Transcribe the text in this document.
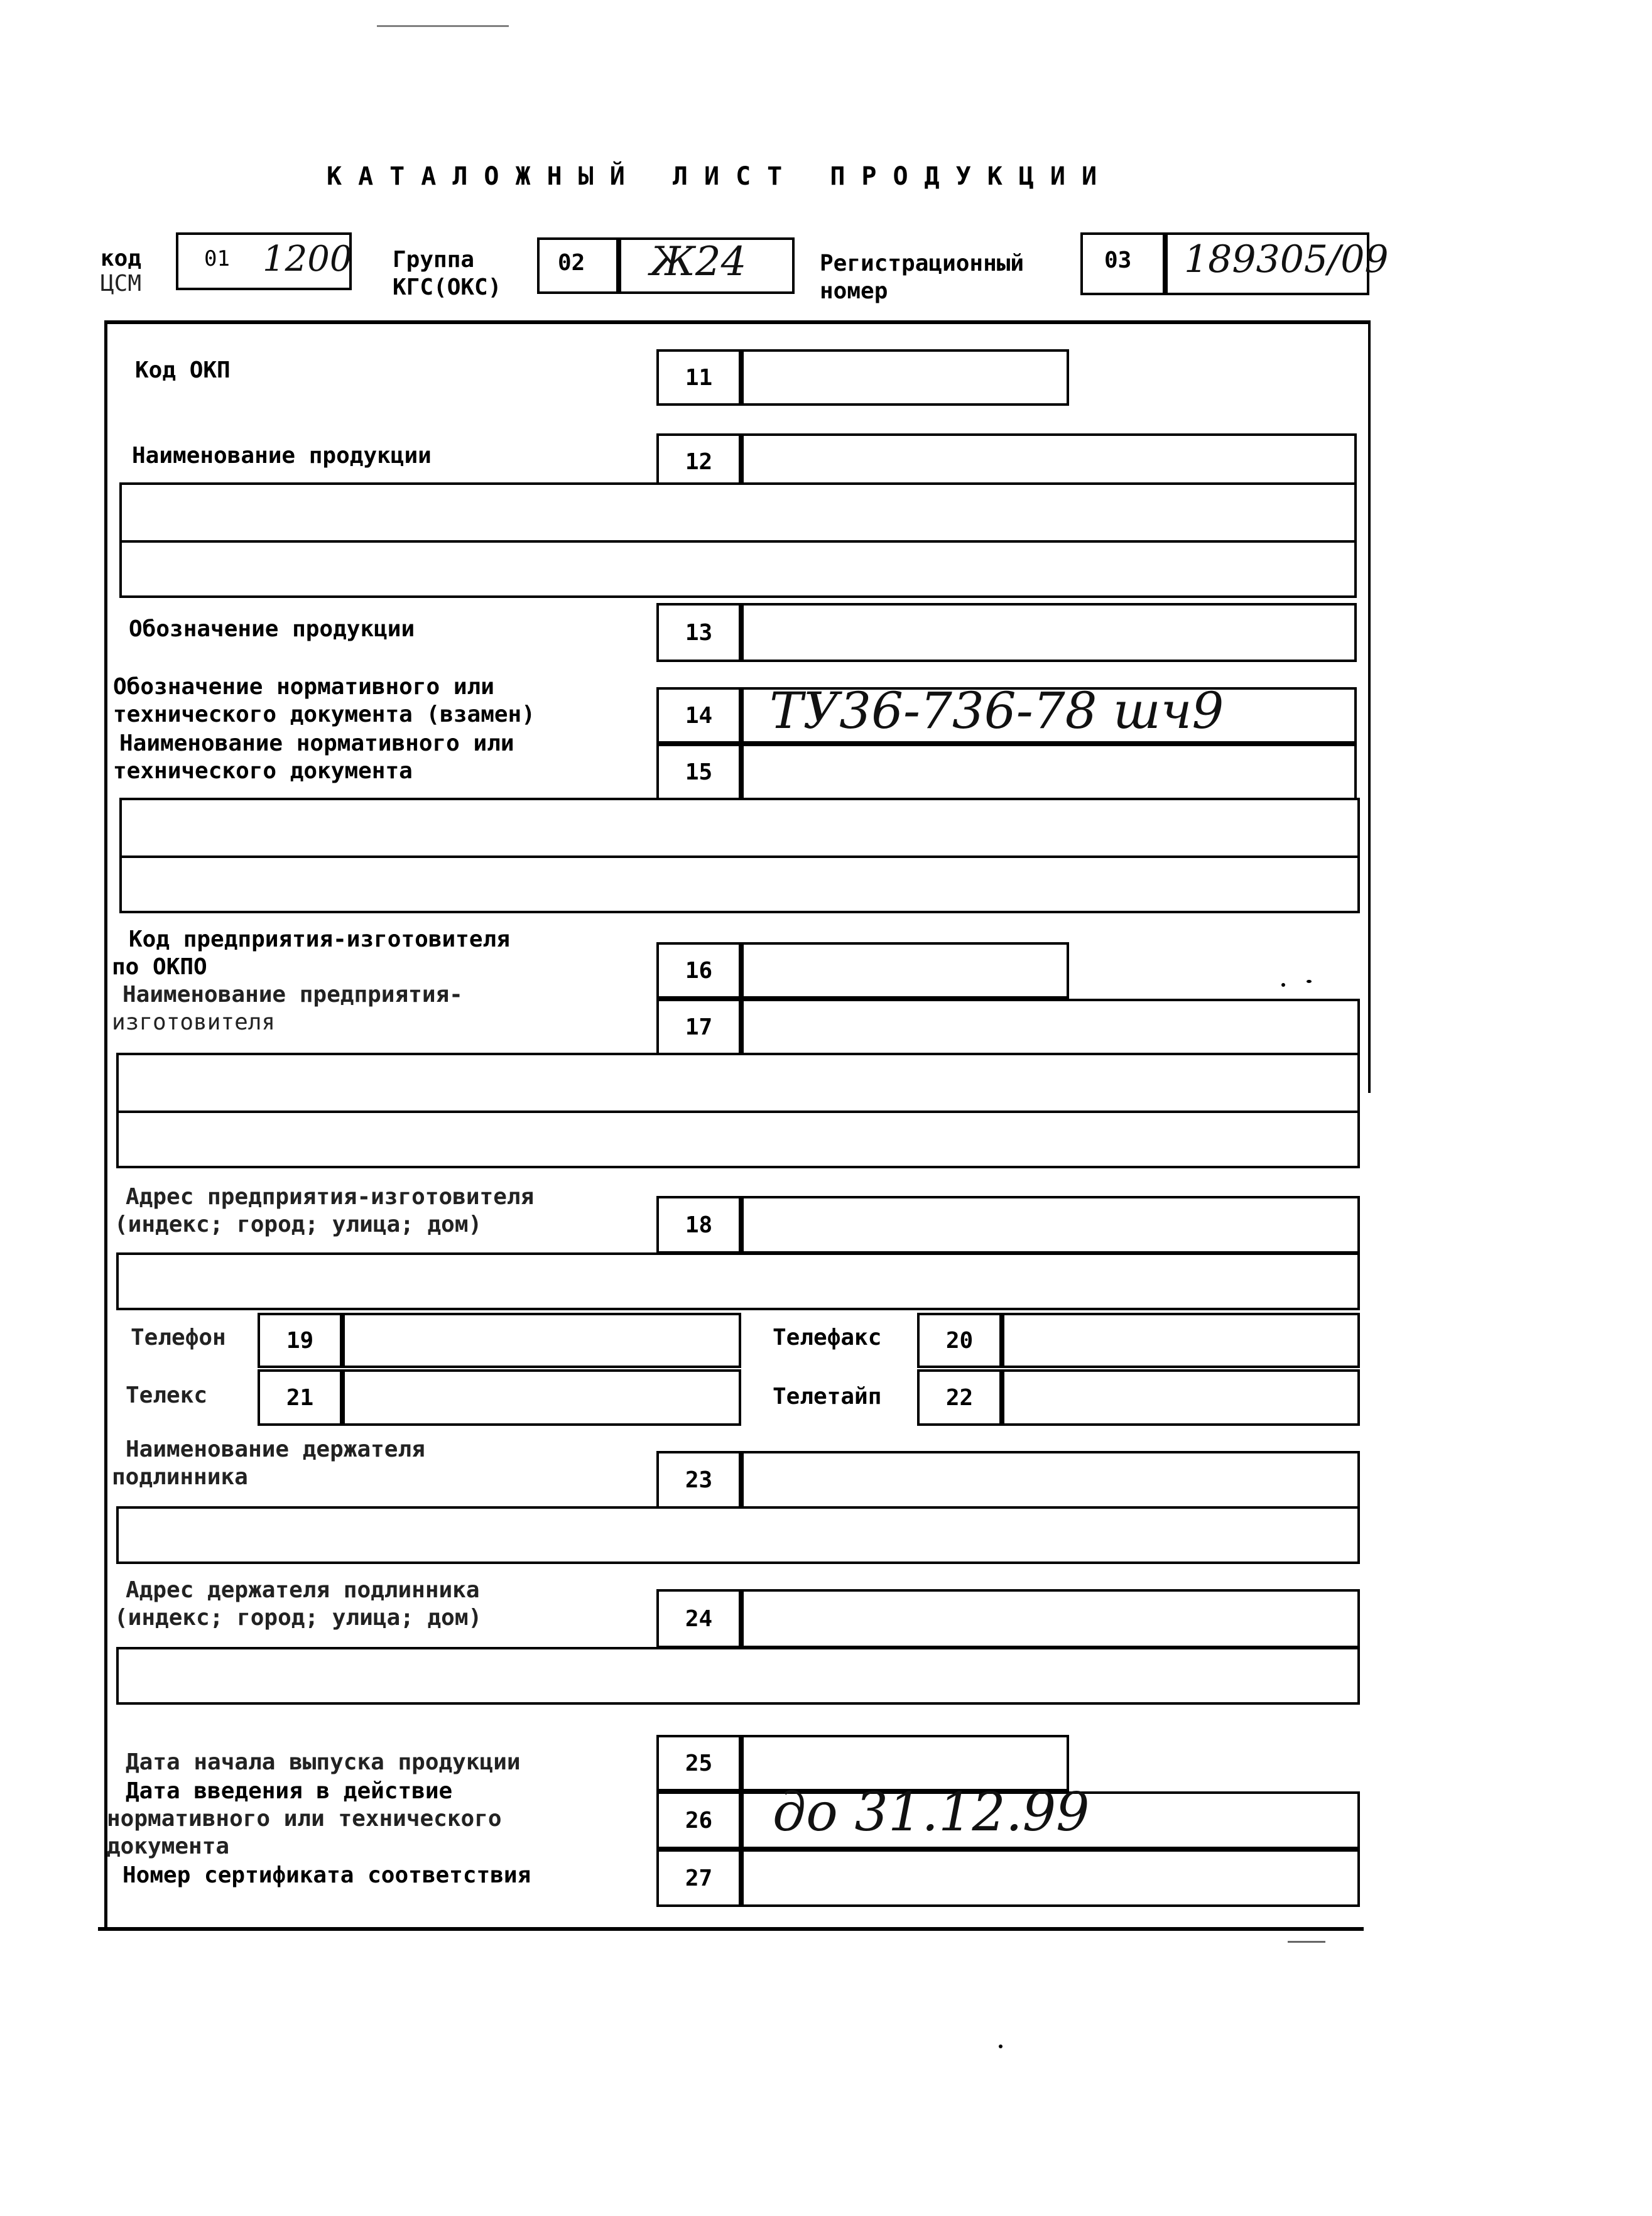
КАТАЛОЖНЫЙ ЛИСТ ПРОДУКЦИИ
код
ЦСМ
01 1200 Группа
КГС(ОКС)
02 Ж24	Регистрационный
номер
03 189305/09
Код ОКП	11
Наименование продукции	12
Обозначение продукции	13
Обозначение нормативного или
технического документа (взамен)	14	ТУ36-736-78 шч9
Наименование нормативного или
технического документа	15
Код предприятия-изготовителя
по ОКПО	16
Наименование предприятия-
изготовителя	17
Адрес предприятия-изготовителя
(индекс; город; улица; дом)	18
Телефон	19	Телефакс	20
Телекс	21	Телетайп	22
Наименование держателя
подлинника	23
Адрес держателя подлинника
(индекс; город; улица; дом)	24
Дата начала выпуска продукции	25
Дата введения в действие
нормативного или технического
документа
26	до 31.12.99
Номер сертификата соответствия	27
